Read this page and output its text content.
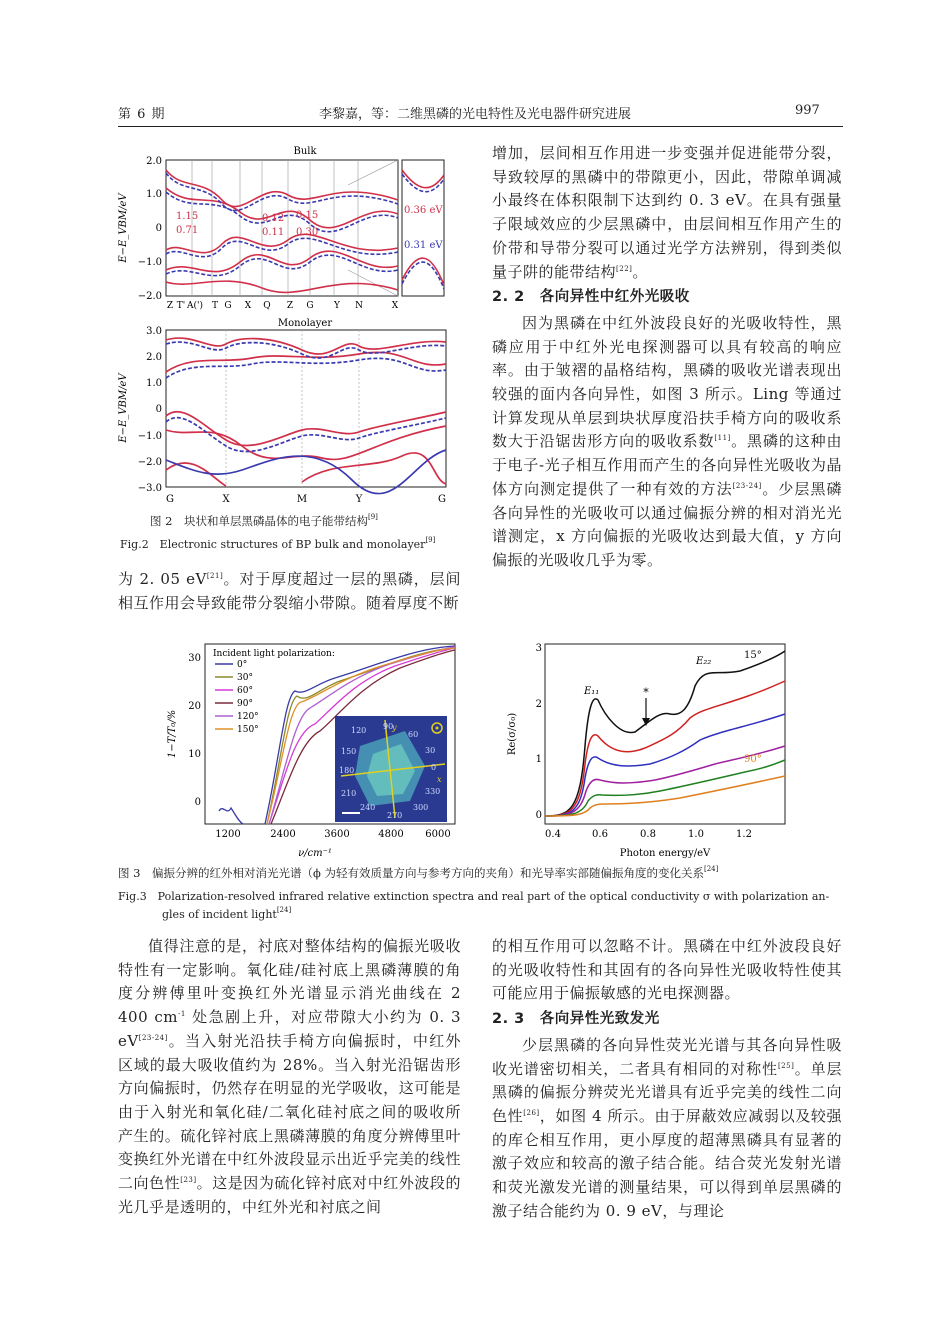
第 6 期	李黎嘉，等：二维黑磷的光电特性及光电器件研究进展	997
Bulk
2.0
1.0
0
−1.0
−2.0
E−E_VBM/eV	1.15
0.71
0.12 0.15
0.11 0.30
0.36 eV
0.31 eV
Z T' A(') T G X Q Z G Y N	X
Monolayer
3.0
2.0
1.0
0
−1.0
−2.0
−3.0
E−E_VBM/eV
G	X	M	Y	G
图 2　块状和单层黑磷晶体的电子能带结构[9]
Fig.2　Electronic structures of BP bulk and monolayer[9]

为 2. 05 eV[21]。对于厚度超过一层的黑磷，层间相互作用会导致能带分裂缩小带隙。随着厚度不断

增加，层间相互作用进一步变强并促进能带分裂，导致较厚的黑磷中的带隙更小，因此，带隙单调减小最终在体积限制下达到约 0. 3 eV。在具有强量子限域效应的少层黑磷中，由层间相互作用产生的价带和导带分裂可以通过光学方法辨别，得到类似量子阱的能带结构[22]。

2. 2　各向异性中红外光吸收

因为黑磷在中红外波段良好的光吸收特性，黑磷应用于中红外光电探测器可以具有较高的响应率。由于皱褶的晶格结构，黑磷的吸收光谱表现出较强的面内各向异性，如图 3 所示。Ling 等通过计算发现从单层到块状厚度沿扶手椅方向的吸收系数大于沿锯齿形方向的吸收系数[11]。黑磷的这种由于电子-光子相互作用而产生的各向异性光吸收为晶体方向测定提供了一种有效的方法[23-24]。少层黑磷各向异性的光吸收可以通过偏振分辨的相对消光光谱测定，x 方向偏振的光吸收达到最大值，y 方向偏振的光吸收几乎为零。

30
20
10
0
1−T/T₀/%
1200	2400	3600	4800 6000
ν/cm⁻¹
Incident light polarization:
0°
30°
60°
90°
120°
150°	120 90
60
150	30
180	0
210	330
240	300
270
y
x
3
2
1
0
Re(σ/σ₀)
0.4	0.6	0.8	1.0	1.2
Photon energy/eV
E₁₁
E₂₂
*
15°
90°
图 3　偏振分辨的红外相对消光光谱（ϕ 为轻有效质量方向与参考方向的夹角）和光导率实部随偏振角度的变化关系[24]
Fig.3　Polarization-resolved infrared relative extinction spectra and real part of the optical conductivity σ with polarization an-
gles of incident light[24]

值得注意的是，衬底对整体结构的偏振光吸收特性有一定影响。氧化硅/硅衬底上黑磷薄膜的角度分辨傅里叶变换红外光谱显示消光曲线在 2 400 $cm^{-1}$ 处急剧上升，对应带隙大小约为 0. 3 eV[23-24]。当入射光沿扶手椅方向偏振时，中红外区域的最大吸收值约为 28%。当入射光沿锯齿形方向偏振时，仍然存在明显的光学吸收，这可能是由于入射光和氧化硅/二氧化硅衬底之间的吸收所产生的。硫化锌衬底上黑磷薄膜的角度分辨傅里叶变换红外光谱在中红外波段显示出近乎完美的线性二向色性[23]。这是因为硫化锌衬底对中红外波段的光几乎是透明的，中红外光和衬底之间

的相互作用可以忽略不计。黑磷在中红外波段良好的光吸收特性和其固有的各向异性光吸收特性使其可能应用于偏振敏感的光电探测器。

2. 3　各向异性光致发光

少层黑磷的各向异性荧光光谱与其各向异性吸收光谱密切相关，二者具有相同的对称性[25]。单层黑磷的偏振分辨荧光光谱具有近乎完美的线性二向色性[26]，如图 4 所示。由于屏蔽效应减弱以及较强的库仑相互作用，更小厚度的超薄黑磷具有显著的激子效应和较高的激子结合能。结合荧光发射光谱和荧光激发光谱的测量结果，可以得到单层黑磷的激子结合能约为 0. 9 eV，与理论
